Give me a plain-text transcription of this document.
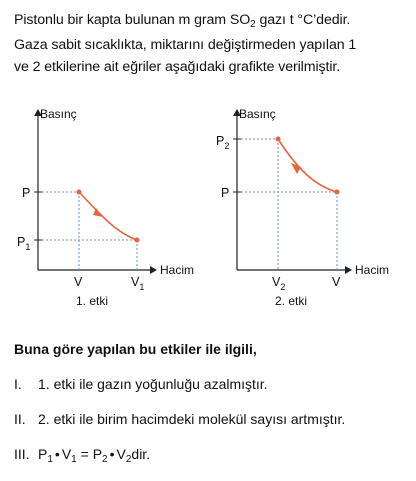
Pistonlu bir kapta bulunan m gram $SO_2$ gazı t °C’dedir.
Gaza sabit sıcaklıkta, miktarını değiştirmeden yapılan 1
ve 2 etkilerine ait eğriler aşağıdaki grafikte verilmiştir.
Basınç
Hacim
P
$P_1$
V	$V_1$
1. etki
Basınç
Hacim
$P_2$
P
$V_2$	V
2. etki
Buna göre yapılan bu etkiler ile ilgili,
I. 1. etki ile gazın yoğunluğu azalmıştır.
II. 2. etki ile birim hacimdeki molekül sayısı artmıştır.
III. $P_1$ • $V_1 = P_2$ • $V_2dir$.
